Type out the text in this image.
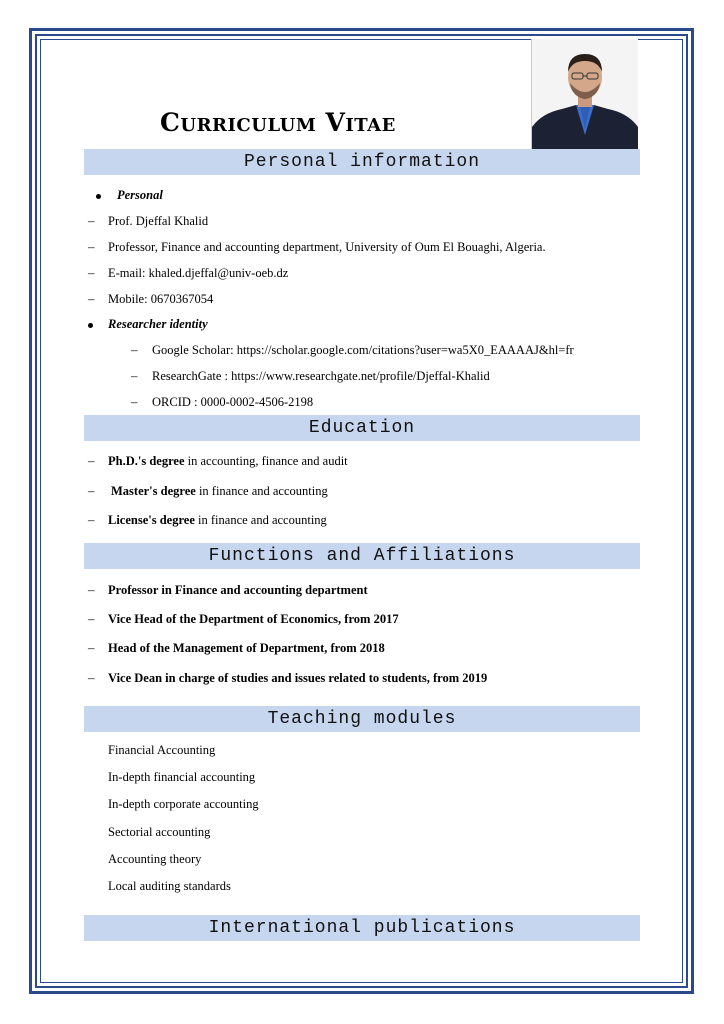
Curriculum Vitae
Personal information
Personal
– Prof. Djeffal Khalid
– Professor, Finance and accounting department, University of Oum El Bouaghi, Algeria.
– E-mail: khaled.djeffal@univ-oeb.dz
– Mobile: 0670367054
Researcher identity
– Google Scholar: https://scholar.google.com/citations?user=wa5X0_EAAAAJ&hl=fr
– ResearchGate : https://www.researchgate.net/profile/Djeffal-Khalid
– ORCID : 0000-0002-4506-2198
Education
– Ph.D.'s degree in accounting, finance and audit
– Master's degree in finance and accounting
– License's degree in finance and accounting
Functions and Affiliations
– Professor in Finance and accounting department
– Vice Head of the Department of Economics, from 2017
– Head of the Management of Department, from 2018
– Vice Dean in charge of studies and issues related to students, from 2019
Teaching modules
Financial Accounting
In-depth financial accounting
In-depth corporate accounting
Sectorial accounting
Accounting theory
Local auditing standards
International publications
